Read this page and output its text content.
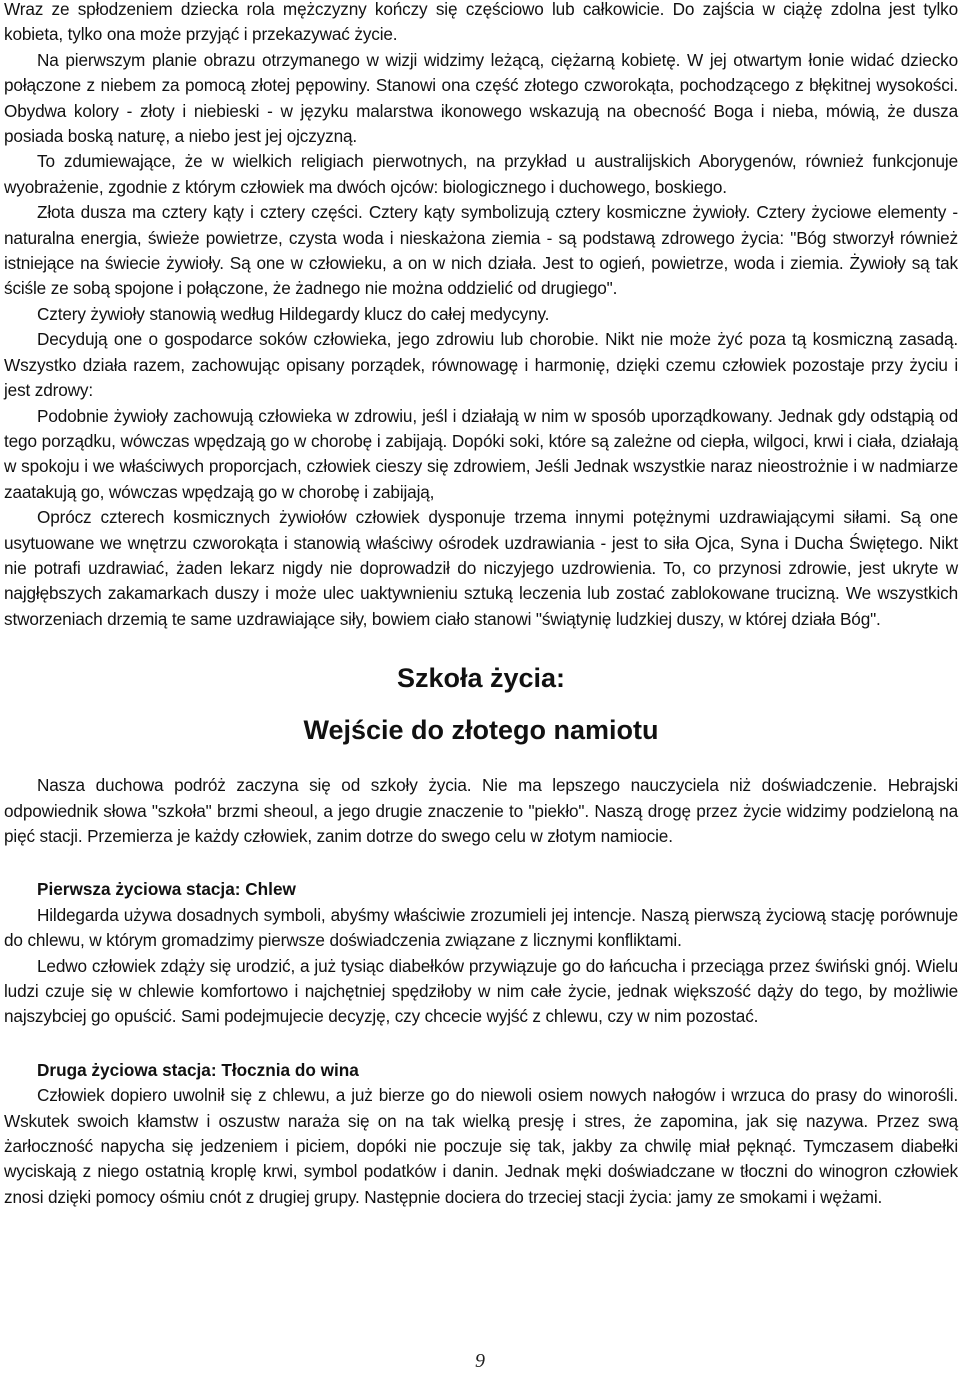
Wraz ze spłodzeniem dziecka rola mężczyzny kończy się częściowo lub całkowicie. Do zajścia w ciążę zdolna jest tylko kobieta, tylko ona może przyjąć i przekazywać życie.

Na pierwszym planie obrazu otrzymanego w wizji widzimy leżącą, ciężarną kobietę. W jej otwartym łonie widać dziecko połączone z niebem za pomocą złotej pępowiny. Stanowi ona część złotego czworokąta, pochodzącego z błękitnej wysokości. Obydwa kolory - złoty i niebieski - w języku malarstwa ikonowego wskazują na obecność Boga i nieba, mówią, że dusza posiada boską naturę, a niebo jest jej ojczyzną.

To zdumiewające, że w wielkich religiach pierwotnych, na przykład u australijskich Aborygenów, również funkcjonuje wyobrażenie, zgodnie z którym człowiek ma dwóch ojców: biologicznego i duchowego, boskiego.

Złota dusza ma cztery kąty i cztery części. Cztery kąty symbolizują cztery kosmiczne żywioły. Cztery życiowe elementy - naturalna energia, świeże powietrze, czysta woda i nieskażona ziemia - są podstawą zdrowego życia: "Bóg stworzył również istniejące na świecie żywioły. Są one w człowieku, a on w nich działa. Jest to ogień, powietrze, woda i ziemia. Żywioły są tak ściśle ze sobą spojone i połączone, że żadnego nie można oddzielić od drugiego".

Cztery żywioły stanowią według Hildegardy klucz do całej medycyny.

Decydują one o gospodarce soków człowieka, jego zdrowiu lub chorobie. Nikt nie może żyć poza tą kosmiczną zasadą. Wszystko działa razem, zachowując opisany porządek, równowagę i harmonię, dzięki czemu człowiek pozostaje przy życiu i jest zdrowy:

Podobnie żywioły zachowują człowieka w zdrowiu, jeśl i działają w nim w sposób uporządkowany. Jednak gdy odstąpią od tego porządku, wówczas wpędzają go w chorobę i zabijają. Dopóki soki, które są zależne od ciepła, wilgoci, krwi i ciała, działają w spokoju i we właściwych proporcjach, człowiek cieszy się zdrowiem, Jeśli Jednak wszystkie naraz nieostrożnie i w nadmiarze zaatakują go, wówczas wpędzają go w chorobę i zabijają,

Oprócz czterech kosmicznych żywiołów człowiek dysponuje trzema innymi potężnymi uzdrawiającymi siłami. Są one usytuowane we wnętrzu czworokąta i stanowią właściwy ośrodek uzdrawiania - jest to siła Ojca, Syna i Ducha Świętego. Nikt nie potrafi uzdrawiać, żaden lekarz nigdy nie doprowadził do niczyjego uzdrowienia. To, co przynosi zdrowie, jest ukryte w najgłębszych zakamarkach duszy i może ulec uaktywnieniu sztuką leczenia lub zostać zablokowane trucizną. We wszystkich stworzeniach drzemią te same uzdrawiające siły, bowiem ciało stanowi "świątynię ludzkiej duszy, w której działa Bóg".

Szkoła życia:
Wejście do złotego namiotu

Nasza duchowa podróż zaczyna się od szkoły życia. Nie ma lepszego nauczyciela niż doświadczenie. Hebrajski odpowiednik słowa "szkoła" brzmi sheoul, a jego drugie znaczenie to "piekło". Naszą drogę przez życie widzimy podzieloną na pięć stacji. Przemierza je każdy człowiek, zanim dotrze do swego celu w złotym namiocie.

Pierwsza życiowa stacja: Chlew

Hildegarda używa dosadnych symboli, abyśmy właściwie zrozumieli jej intencje. Naszą pierwszą życiową stację porównuje do chlewu, w którym gromadzimy pierwsze doświadczenia związane z licznymi konfliktami.

Ledwo człowiek zdąży się urodzić, a już tysiąc diabełków przywiązuje go do łańcucha i przeciąga przez świński gnój. Wielu ludzi czuje się w chlewie komfortowo i najchętniej spędziłoby w nim całe życie, jednak większość dąży do tego, by możliwie najszybciej go opuścić. Sami podejmujecie decyzję, czy chcecie wyjść z chlewu, czy w nim pozostać.

Druga życiowa stacja: Tłocznia do wina

Człowiek dopiero uwolnił się z chlewu, a już bierze go do niewoli osiem nowych nałogów i wrzuca do prasy do winorośli. Wskutek swoich kłamstw i oszustw naraża się on na tak wielką presję i stres, że zapomina, jak się nazywa. Przez swą żarłoczność napycha się jedzeniem i piciem, dopóki nie poczuje się tak, jakby za chwilę miał pęknąć. Tymczasem diabełki wyciskają z niego ostatnią kroplę krwi, symbol podatków i danin. Jednak męki doświadczane w tłoczni do winogron człowiek znosi dzięki pomocy ośmiu cnót z drugiej grupy. Następnie dociera do trzeciej stacji życia: jamy ze smokami i wężami.

9
